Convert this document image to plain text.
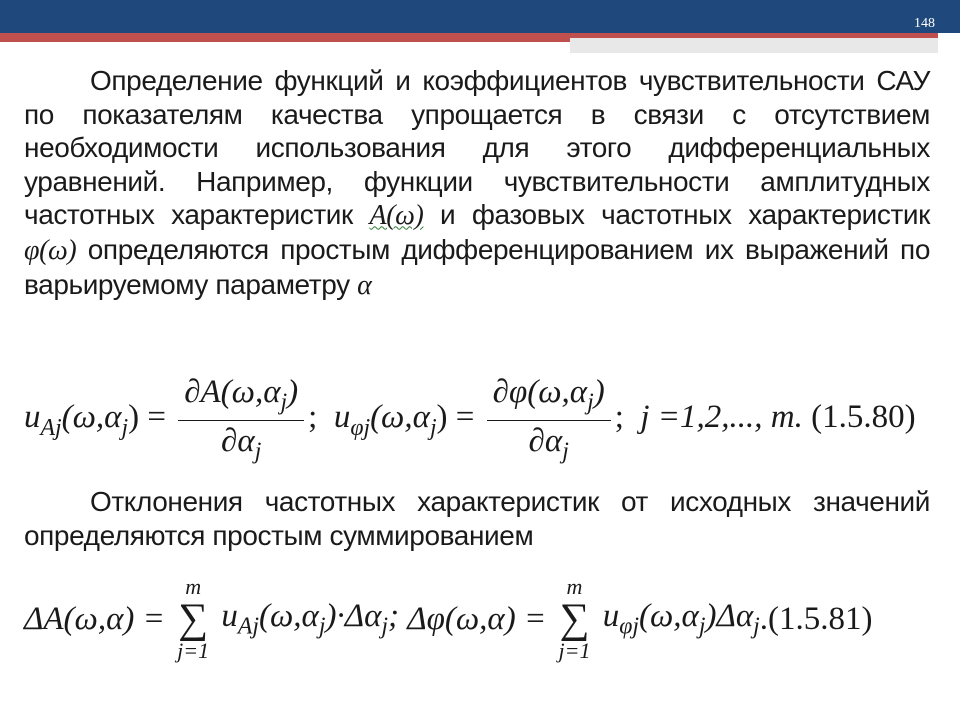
148

Определение функций и коэффициентов чувствительности САУ по показателям качества упрощается в связи с отсутствием необходимости использования для этого дифференциальных уравнений. Например, функции чувствительности амплитудных частотных характеристик A(ω) и фазовых частотных характеристик φ(ω) определяются простым дифференцированием их выражений по варьируемому параметру α

$u_{Aj}(\omega,\alpha_j) = \frac{\partial A(\omega,\alpha_j)}{\partial\alpha_j}$ ; $u_{\varphi j}(\omega,\alpha_j) = \frac{\partial\varphi(\omega,\alpha_j)}{\partial\alpha_j}$ ; j =1,2,..., m. (1.5.80)

Отклонения частотных характеристик от исходных значений определяются простым суммированием

ΔA(ω,α) =
m
∑
j=1
$u_{Aj}(\omega,\alpha_j)\cdot\Delta\alpha_j$; Δφ(ω,α) =
m
∑
j=1
$u_{\varphi j}(\omega,\alpha_j)\Delta\alpha_j.(1.5.81)$
